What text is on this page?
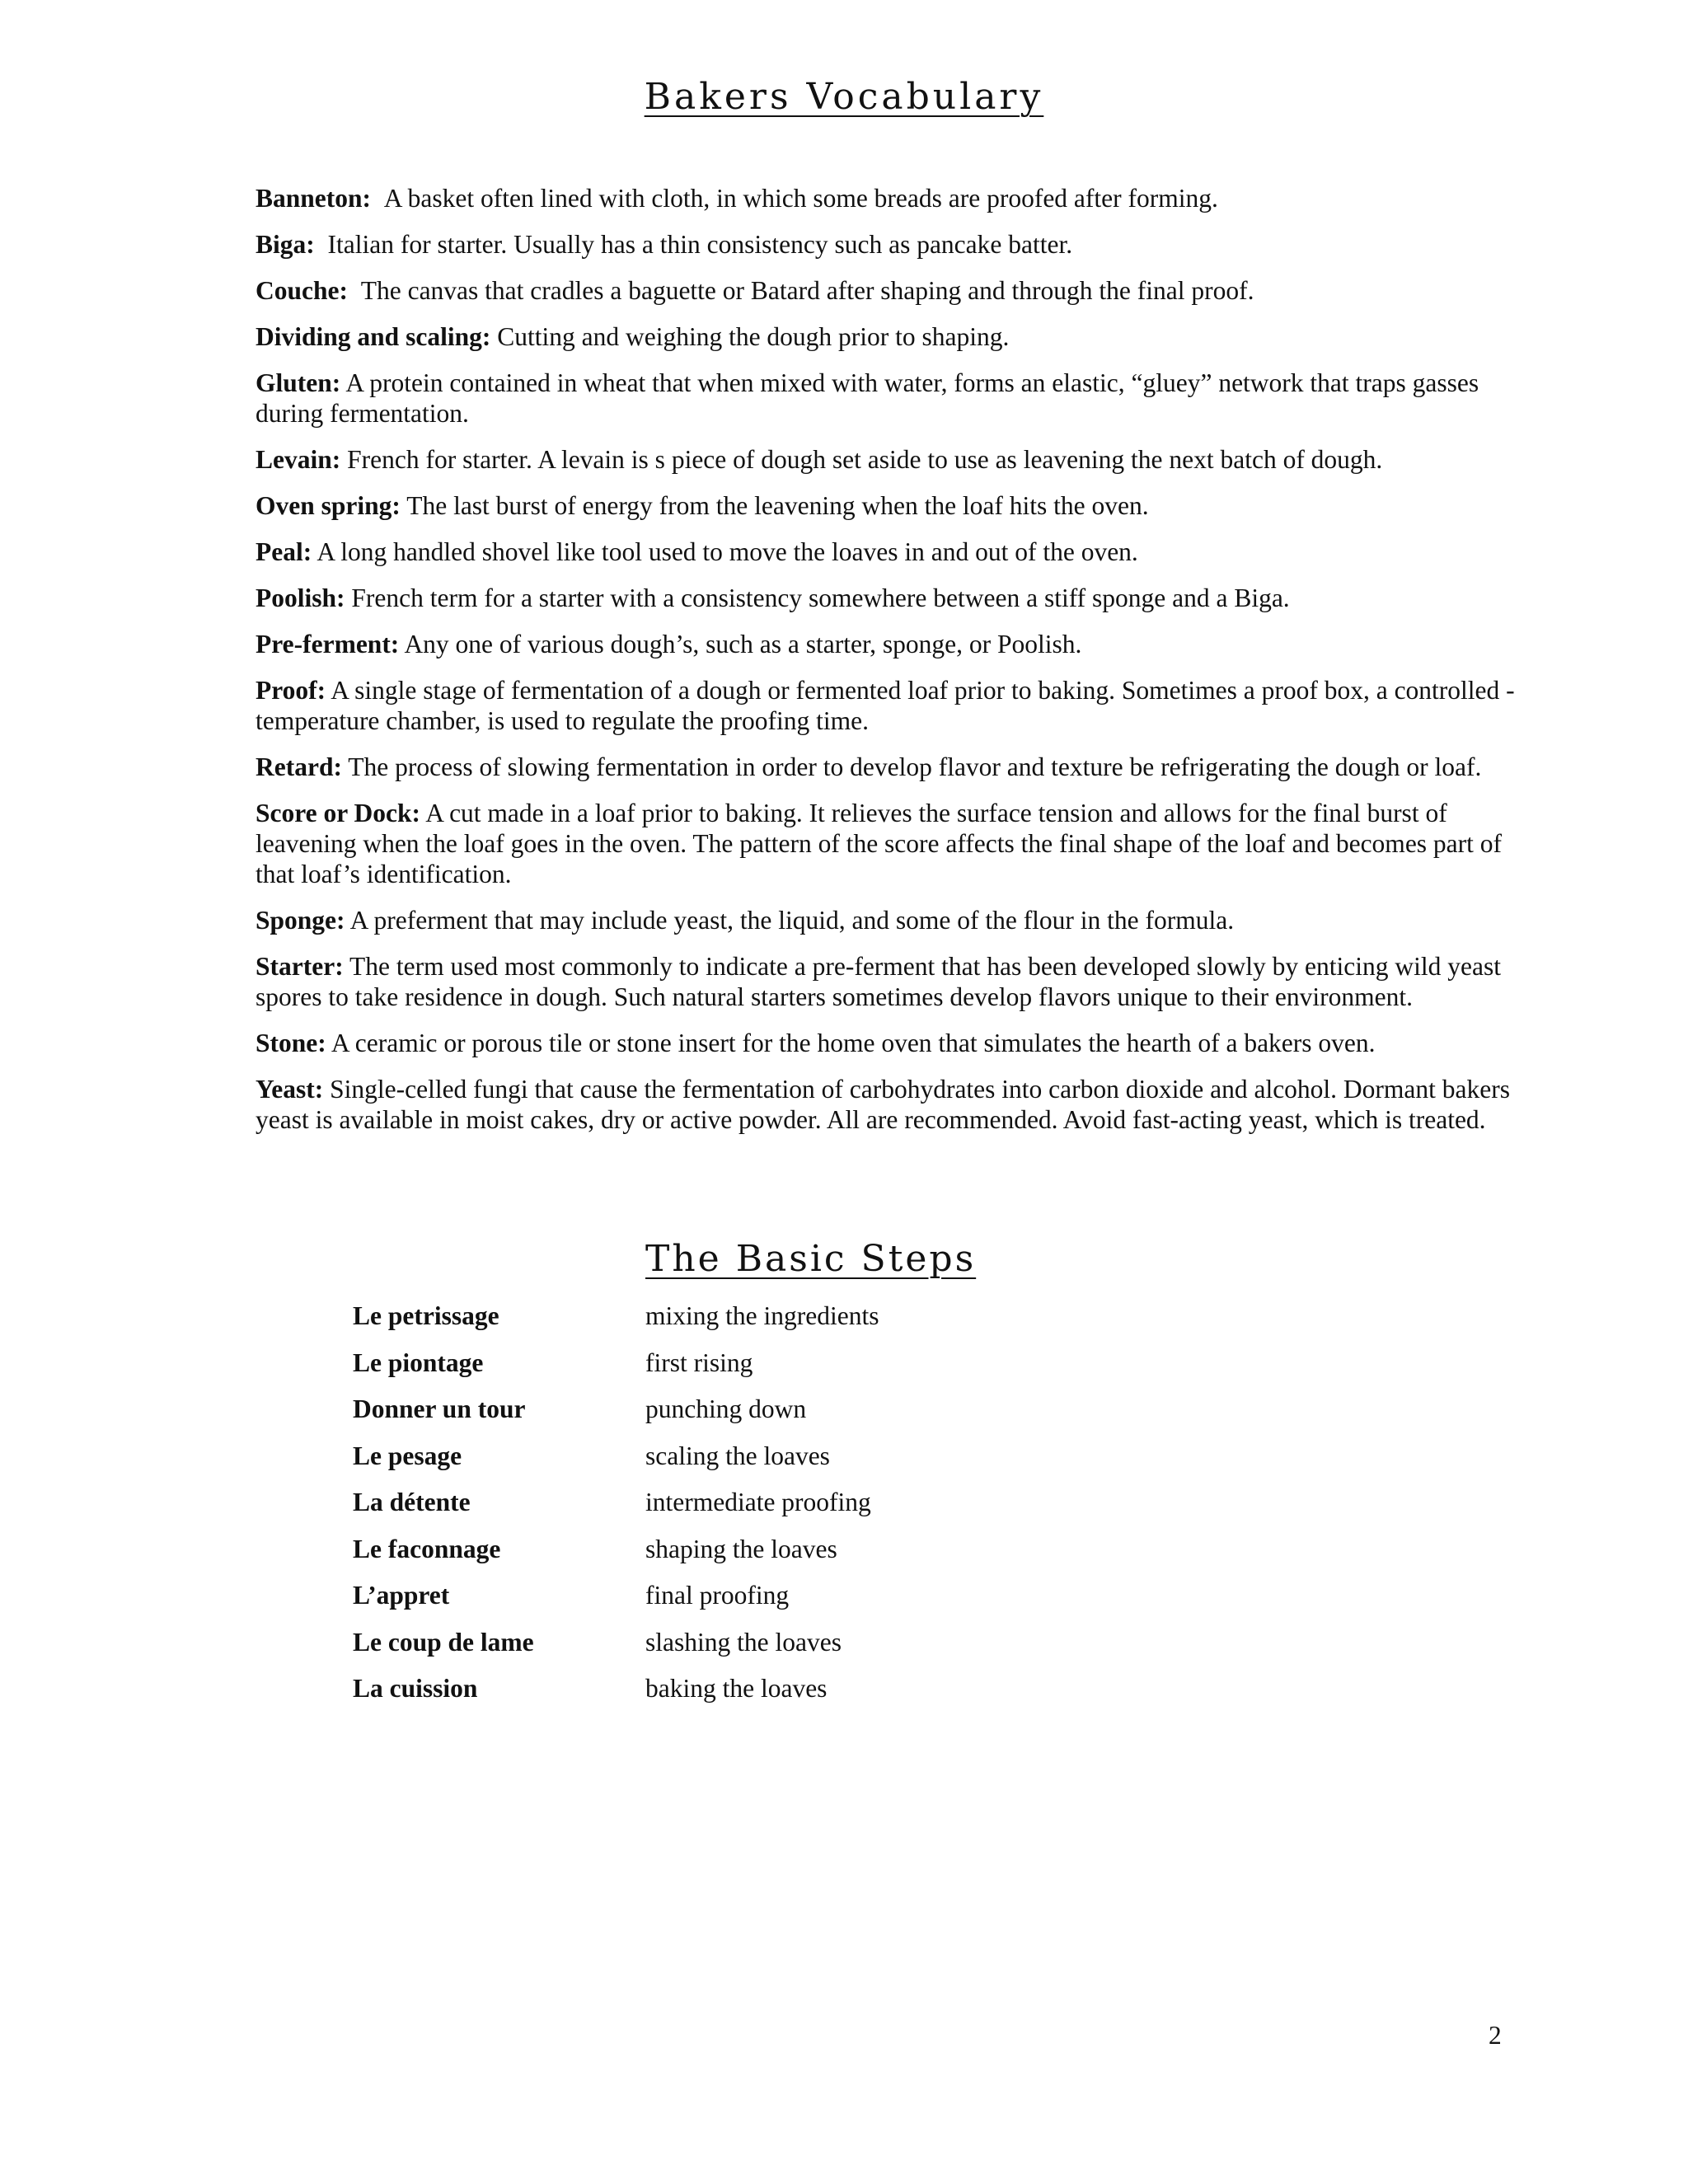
Bakers Vocabulary

Banneton: A basket often lined with cloth, in which some breads are proofed after forming.

Biga: Italian for starter. Usually has a thin consistency such as pancake batter.

Couche: The canvas that cradles a baguette or Batard after shaping and through the final proof.

Dividing and scaling: Cutting and weighing the dough prior to shaping.

Gluten: A protein contained in wheat that when mixed with water, forms an elastic, “gluey” network that traps gasses during fermentation.

Levain: French for starter. A levain is s piece of dough set aside to use as leavening the next batch of dough.

Oven spring: The last burst of energy from the leavening when the loaf hits the oven.

Peal: A long handled shovel like tool used to move the loaves in and out of the oven.

Poolish: French term for a starter with a consistency somewhere between a stiff sponge and a Biga.

Pre-ferment: Any one of various dough’s, such as a starter, sponge, or Poolish.

Proof: A single stage of fermentation of a dough or fermented loaf prior to baking. Sometimes a proof box, a controlled - temperature chamber, is used to regulate the proofing time.

Retard: The process of slowing fermentation in order to develop flavor and texture be refrigerating the dough or loaf.

Score or Dock: A cut made in a loaf prior to baking. It relieves the surface tension and allows for the final burst of leavening when the loaf goes in the oven. The pattern of the score affects the final shape of the loaf and becomes part of that loaf’s identification.

Sponge: A preferment that may include yeast, the liquid, and some of the flour in the formula.

Starter: The term used most commonly to indicate a pre-ferment that has been developed slowly by enticing wild yeast spores to take residence in dough. Such natural starters sometimes develop flavors unique to their environment.

Stone: A ceramic or porous tile or stone insert for the home oven that simulates the hearth of a bakers oven.

Yeast: Single-celled fungi that cause the fermentation of carbohydrates into carbon dioxide and alcohol. Dormant bakers yeast is available in moist cakes, dry or active powder. All are recommended. Avoid fast-acting yeast, which is treated.

The Basic Steps
Le petrissage	mixing the ingredients
Le piontage	first rising
Donner un tour	punching down
Le pesage	scaling the loaves
La détente	intermediate proofing
Le faconnage	shaping the loaves
L’appret	final proofing
Le coup de lame	slashing the loaves
La cuission	baking the loaves
2
